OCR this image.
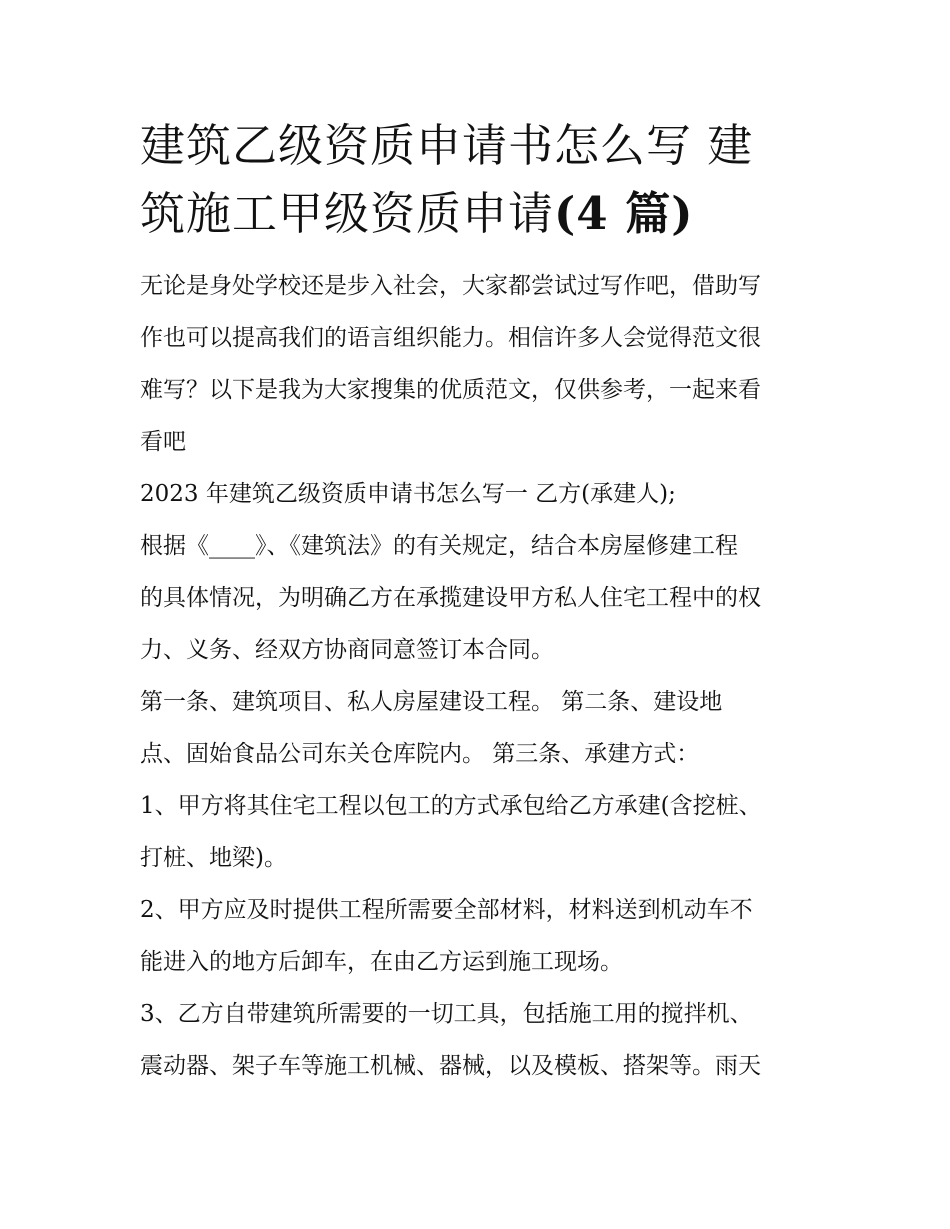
建筑乙级资质申请书怎么写 建
筑施工甲级资质申请(4 篇)

无论是身处学校还是步入社会，大家都尝试过写作吧，借助写
作也可以提高我们的语言组织能力。相信许多人会觉得范文很
难写？以下是我为大家搜集的优质范文，仅供参考，一起来看
看吧

2023 年建筑乙级资质申请书怎么写一 乙方(承建人);

根据《____》、《建筑法》的有关规定，结合本房屋修建工程
的具体情况，为明确乙方在承揽建设甲方私人住宅工程中的权
力、义务、经双方协商同意签订本合同。

第一条、建筑项目、私人房屋建设工程。 第二条、建设地
点、固始食品公司东关仓库院内。 第三条、承建方式：

1、甲方将其住宅工程以包工的方式承包给乙方承建(含挖桩、
打桩、地梁)。

2、甲方应及时提供工程所需要全部材料，材料送到机动车不
能进入的地方后卸车，在由乙方运到施工现场。

3、乙方自带建筑所需要的一切工具，包括施工用的搅拌机、
震动器、架子车等施工机械、器械，以及模板、搭架等。雨天
